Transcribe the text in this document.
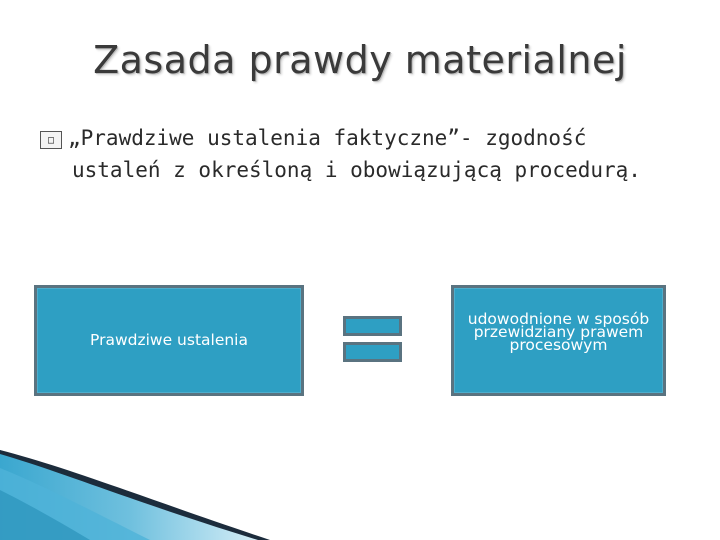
Zasada prawdy materialnej
□ „Prawdziwe ustalenia faktyczne”- zgodność
ustaleń z określoną i obowiązującą procedurą.
Prawdziwe ustalenia
udowodnione w sposób
przewidziany prawem
procesowym
